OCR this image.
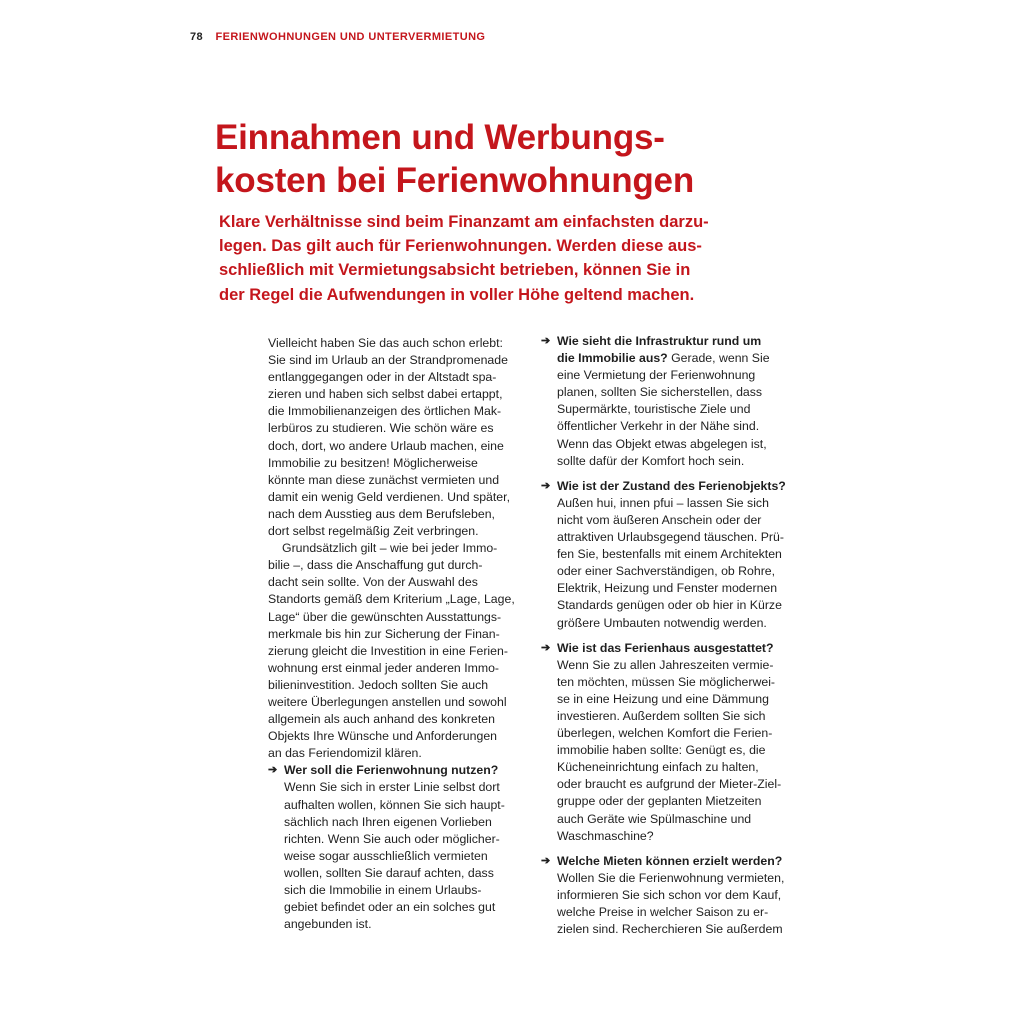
78 FERIENWOHNUNGEN UND UNTERVERMIETUNG
Einnahmen und Werbungs-
kosten bei Ferienwohnungen
Klare Verhältnisse sind beim Finanzamt am einfachsten darzu-
legen. Das gilt auch für Ferienwohnungen. Werden diese aus-
schließlich mit Vermietungsabsicht betrieben, können Sie in
der Regel die Aufwendungen in voller Höhe geltend machen.
Vielleicht haben Sie das auch schon erlebt:
Sie sind im Urlaub an der Strandpromenade
entlanggegangen oder in der Altstadt spa-
zieren und haben sich selbst dabei ertappt,
die Immobilienanzeigen des örtlichen Mak-
lerbüros zu studieren. Wie schön wäre es
doch, dort, wo andere Urlaub machen, eine
Immobilie zu besitzen! Möglicherweise
könnte man diese zunächst vermieten und
damit ein wenig Geld verdienen. Und später,
nach dem Ausstieg aus dem Berufsleben,
dort selbst regelmäßig Zeit verbringen.
Grundsätzlich gilt – wie bei jeder Immo-
bilie –, dass die Anschaffung gut durch-
dacht sein sollte. Von der Auswahl des
Standorts gemäß dem Kriterium „Lage, Lage,
Lage“ über die gewünschten Ausstattungs-
merkmale bis hin zur Sicherung der Finan-
zierung gleicht die Investition in eine Ferien-
wohnung erst einmal jeder anderen Immo-
bilieninvestition. Jedoch sollten Sie auch
weitere Überlegungen anstellen und sowohl
allgemein als auch anhand des konkreten
Objekts Ihre Wünsche und Anforderungen
an das Feriendomizil klären.
➔ Wer soll die Ferienwohnung nutzen?
Wenn Sie sich in erster Linie selbst dort
aufhalten wollen, können Sie sich haupt-
sächlich nach Ihren eigenen Vorlieben
richten. Wenn Sie auch oder möglicher-
weise sogar ausschließlich vermieten
wollen, sollten Sie darauf achten, dass
sich die Immobilie in einem Urlaubs-
gebiet befindet oder an ein solches gut
angebunden ist.
➔ Wie sieht die Infrastruktur rund um
die Immobilie aus? Gerade, wenn Sie
eine Vermietung der Ferienwohnung
planen, sollten Sie sicherstellen, dass
Supermärkte, touristische Ziele und
öffentlicher Verkehr in der Nähe sind.
Wenn das Objekt etwas abgelegen ist,
sollte dafür der Komfort hoch sein.
➔ Wie ist der Zustand des Ferienobjekts?
Außen hui, innen pfui – lassen Sie sich
nicht vom äußeren Anschein oder der
attraktiven Urlaubsgegend täuschen. Prü-
fen Sie, bestenfalls mit einem Architekten
oder einer Sachverständigen, ob Rohre,
Elektrik, Heizung und Fenster modernen
Standards genügen oder ob hier in Kürze
größere Umbauten notwendig werden.
➔ Wie ist das Ferienhaus ausgestattet?
Wenn Sie zu allen Jahreszeiten vermie-
ten möchten, müssen Sie möglicherwei-
se in eine Heizung und eine Dämmung
investieren. Außerdem sollten Sie sich
überlegen, welchen Komfort die Ferien-
immobilie haben sollte: Genügt es, die
Kücheneinrichtung einfach zu halten,
oder braucht es aufgrund der Mieter-Ziel-
gruppe oder der geplanten Mietzeiten
auch Geräte wie Spülmaschine und
Waschmaschine?
➔ Welche Mieten können erzielt werden?
Wollen Sie die Ferienwohnung vermieten,
informieren Sie sich schon vor dem Kauf,
welche Preise in welcher Saison zu er-
zielen sind. Recherchieren Sie außerdem
